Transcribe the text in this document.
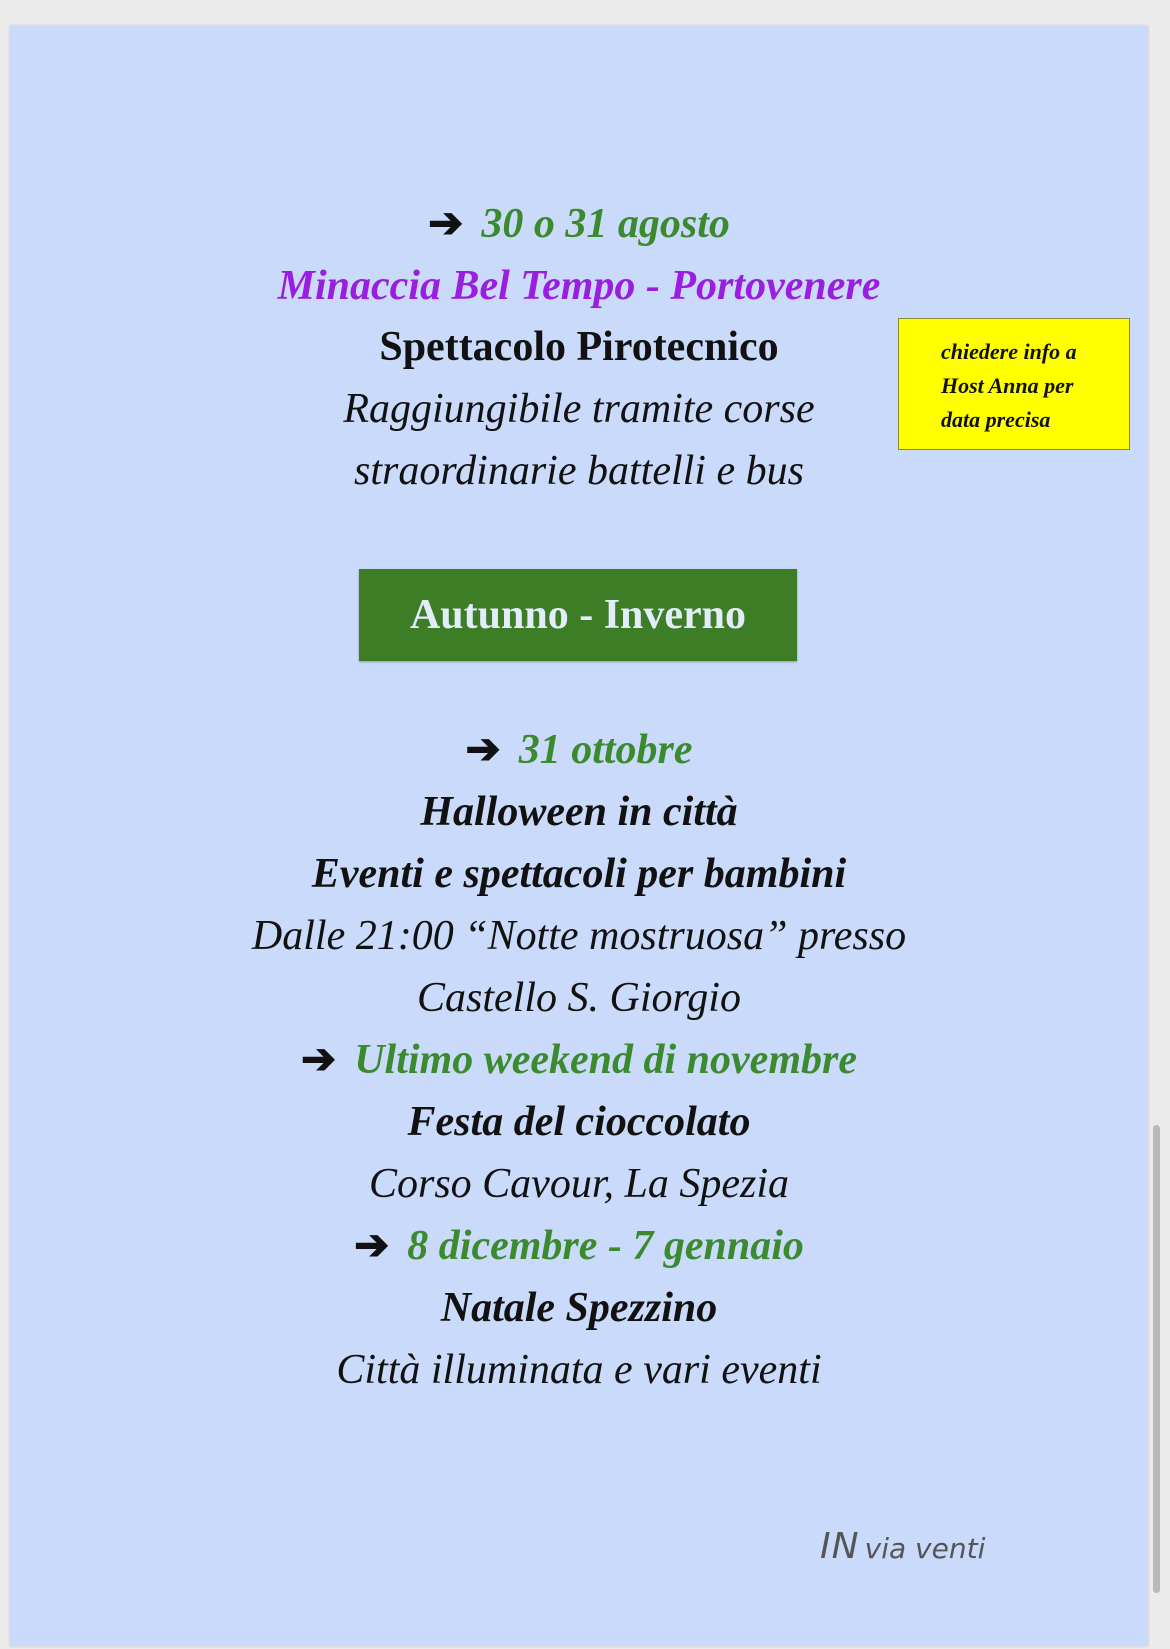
➔ 30 o 31 agosto
Minaccia Bel Tempo - Portovenere
Spettacolo Pirotecnico
Raggiungibile tramite corse
straordinarie battelli e bus
chiedere info a
Host Anna per
data precisa
Autunno - Inverno
➔ 31 ottobre
Halloween in città
Eventi e spettacoli per bambini
Dalle 21:00 “Notte mostruosa” presso
Castello S. Giorgio
➔ Ultimo weekend di novembre
Festa del cioccolato
Corso Cavour, La Spezia
➔ 8 dicembre - 7 gennaio
Natale Spezzino
Città illuminata e vari eventi
IN via venti
